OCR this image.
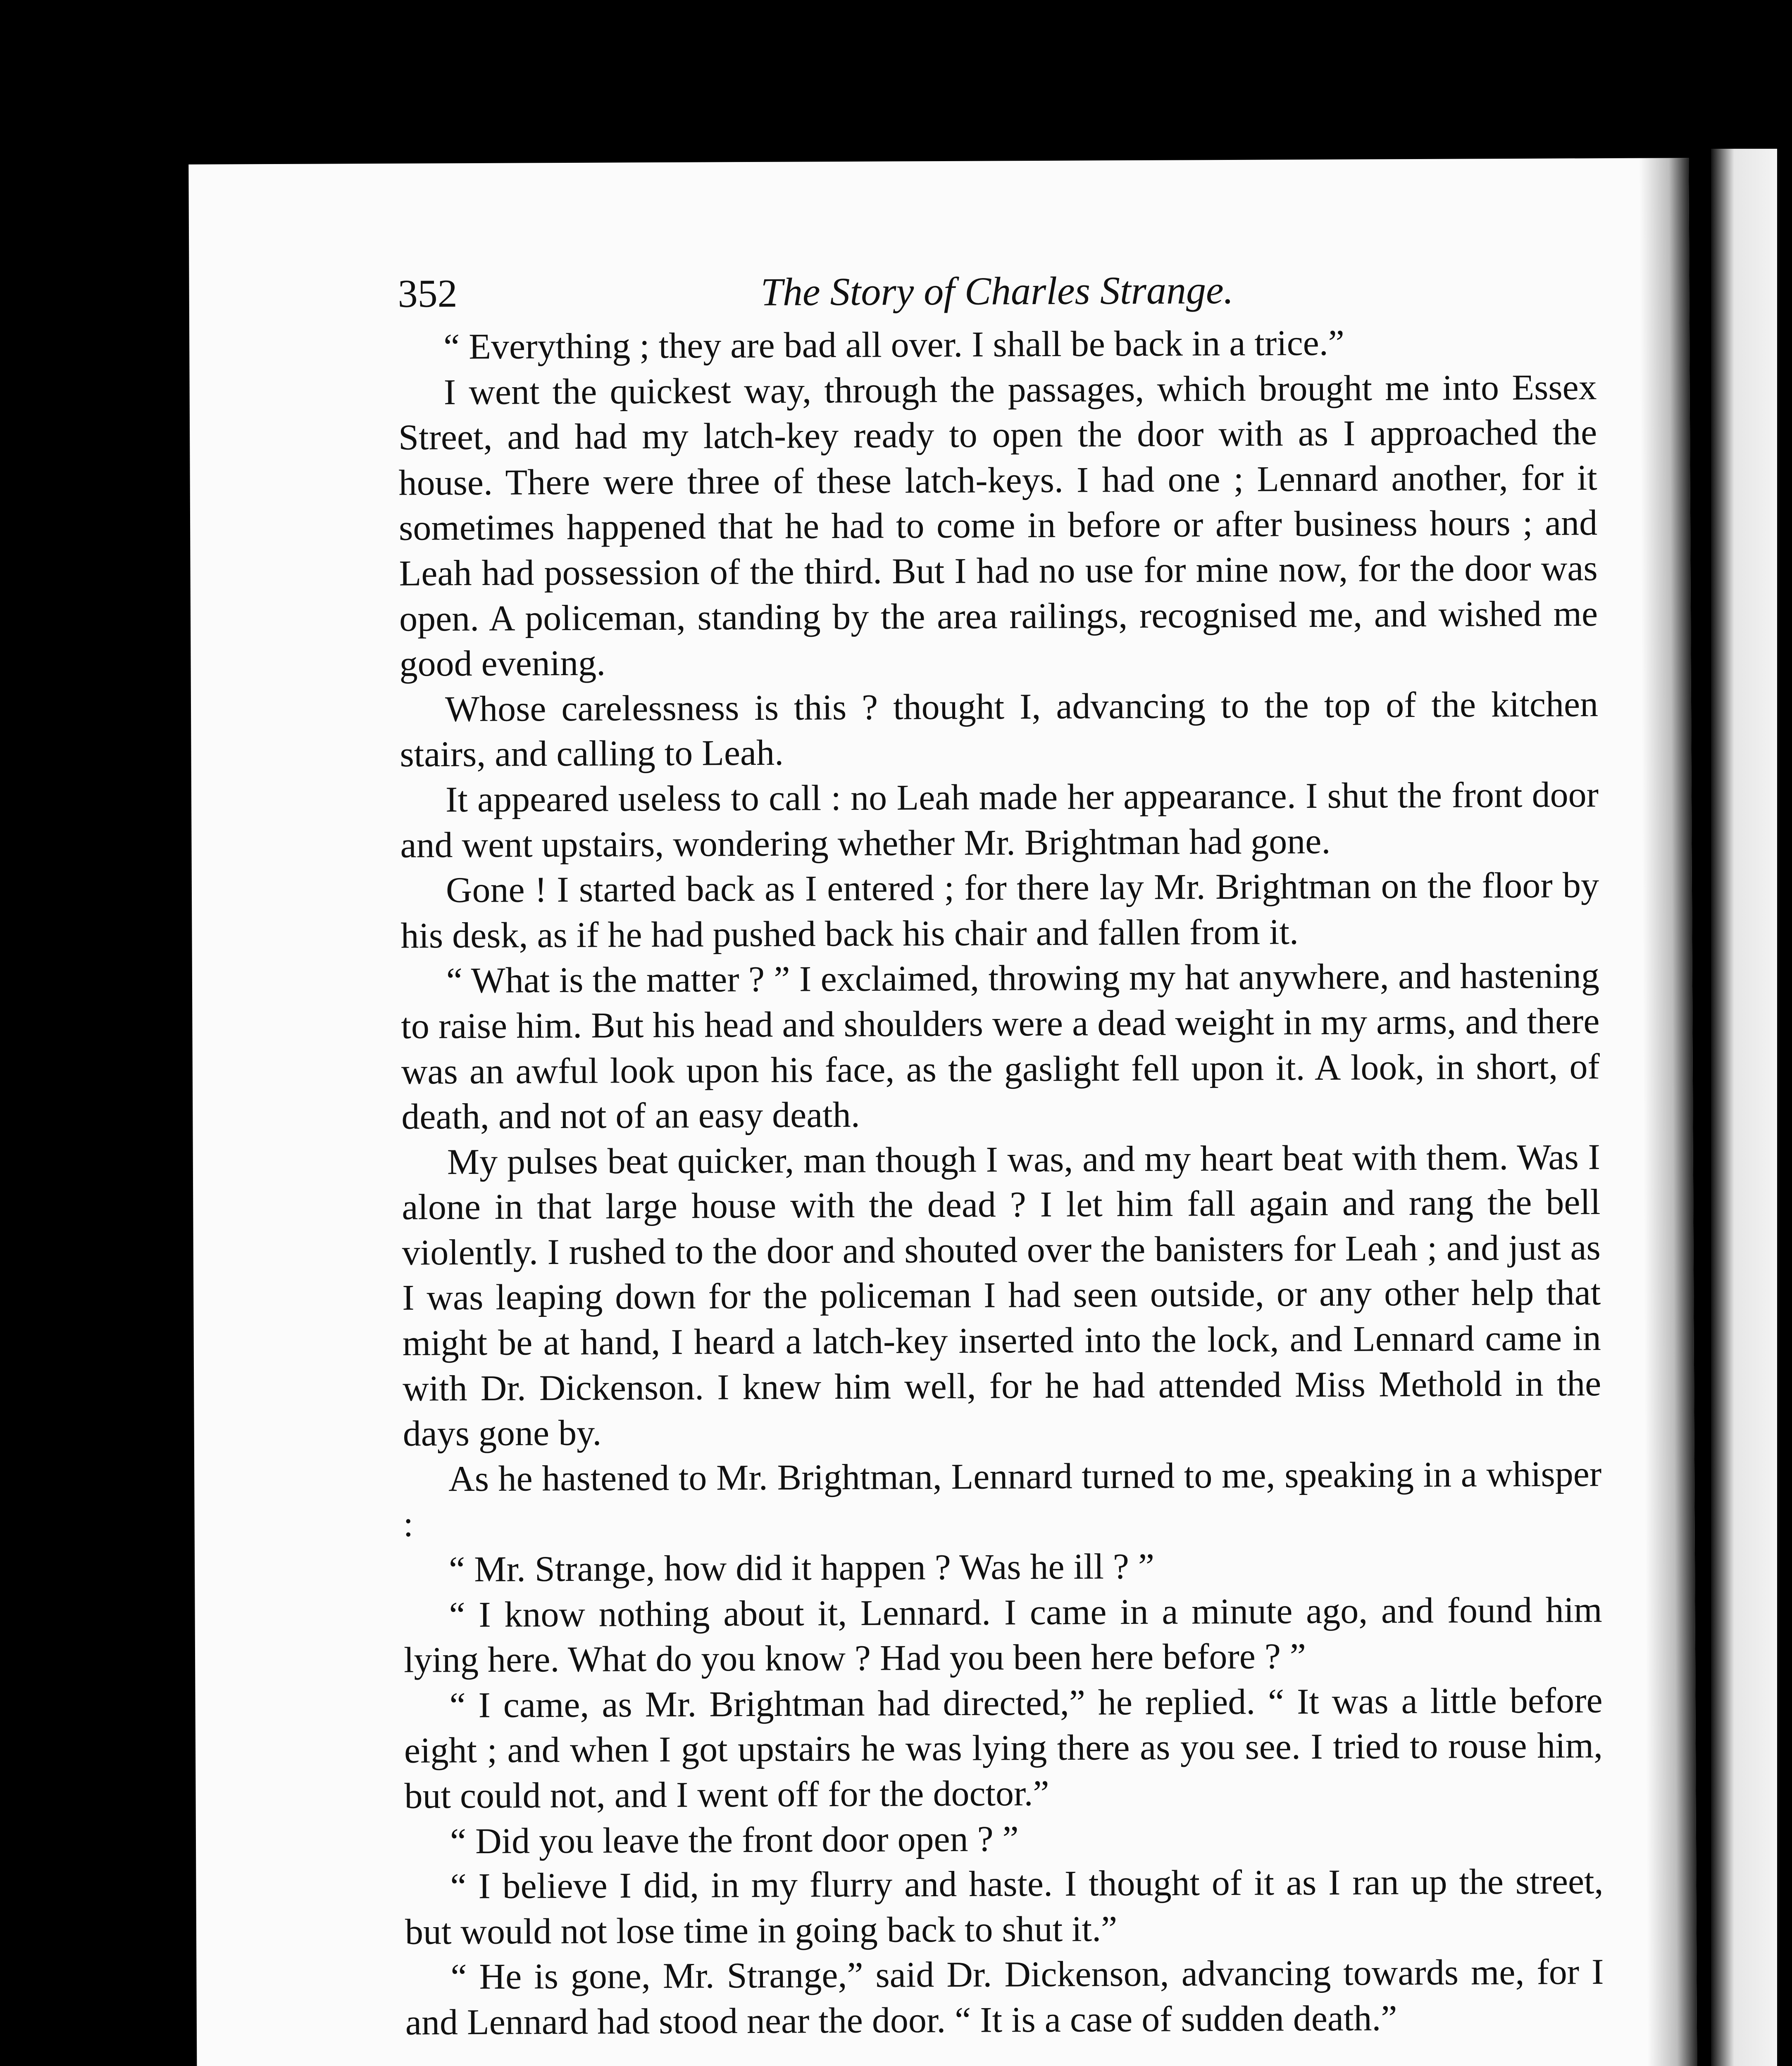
352	The Story of Charles Strange.

“ Everything ; they are bad all over. I shall be back in a trice.”

I went the quickest way, through the passages, which brought me into Essex Street, and had my latch-key ready to open the door with as I approached the house. There were three of these latch-keys. I had one ; Lennard another, for it sometimes happened that he had to come in before or after business hours ; and Leah had possession of the third. But I had no use for mine now, for the door was open. A policeman, standing by the area railings, recognised me, and wished me good evening.

Whose carelessness is this ? thought I, advancing to the top of the kitchen stairs, and calling to Leah.

It appeared useless to call : no Leah made her appearance. I shut the front door and went upstairs, wondering whether Mr. Brightman had gone.

Gone ! I started back as I entered ; for there lay Mr. Brightman on the floor by his desk, as if he had pushed back his chair and fallen from it.

“ What is the matter ? ” I exclaimed, throwing my hat anywhere, and hastening to raise him. But his head and shoulders were a dead weight in my arms, and there was an awful look upon his face, as the gaslight fell upon it. A look, in short, of death, and not of an easy death.

My pulses beat quicker, man though I was, and my heart beat with them. Was I alone in that large house with the dead ? I let him fall again and rang the bell violently. I rushed to the door and shouted over the banisters for Leah ; and just as I was leaping down for the policeman I had seen outside, or any other help that might be at hand, I heard a latch-key inserted into the lock, and Lennard came in with Dr. Dickenson. I knew him well, for he had attended Miss Methold in the days gone by.

As he hastened to Mr. Brightman, Lennard turned to me, speaking in a whisper :

“ Mr. Strange, how did it happen ? Was he ill ? ”

“ I know nothing about it, Lennard. I came in a minute ago, and found him lying here. What do you know ? Had you been here before ? ”

“ I came, as Mr. Brightman had directed,” he replied. “ It was a little before eight ; and when I got upstairs he was lying there as you see. I tried to rouse him, but could not, and I went off for the doctor.”

“ Did you leave the front door open ? ”

“ I believe I did, in my flurry and haste. I thought of it as I ran up the street, but would not lose time in going back to shut it.”

“ He is gone, Mr. Strange,” said Dr. Dickenson, advancing towards me, for I and Lennard had stood near the door. “ It is a case of sudden death.”
